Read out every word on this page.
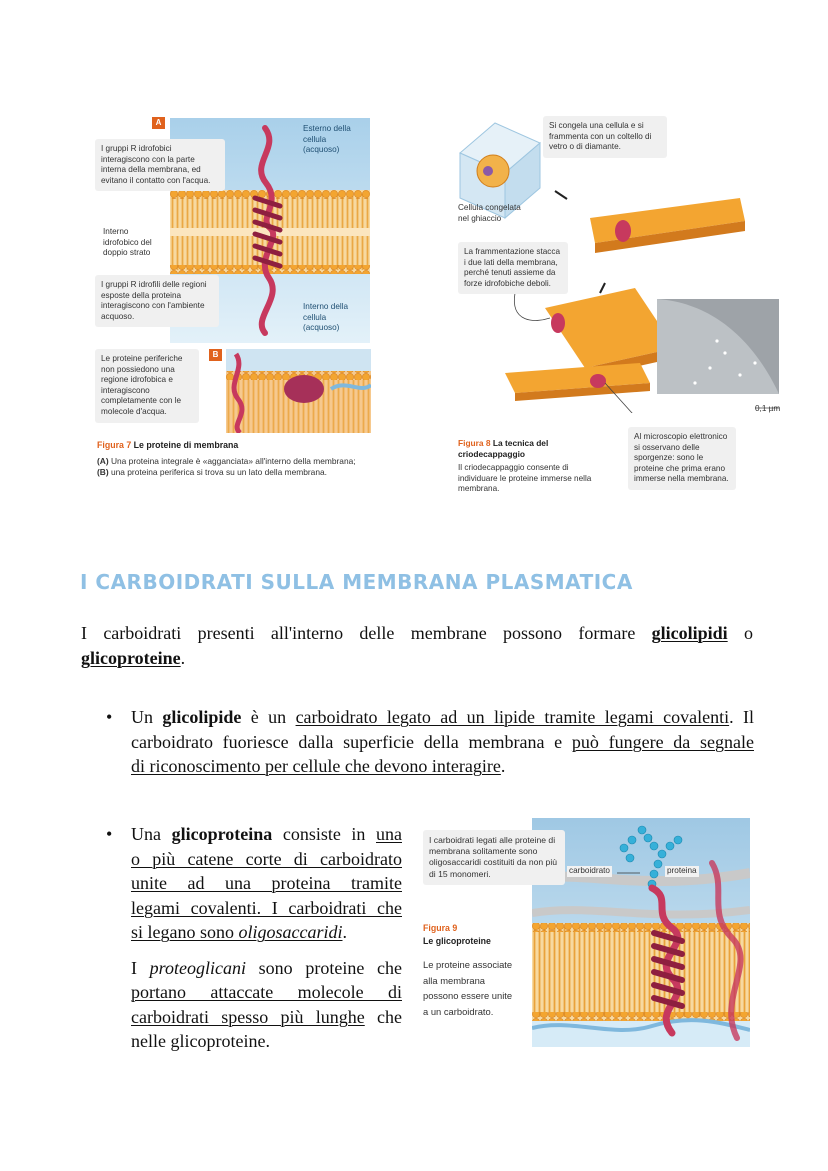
A
Esterno della cellula (acquoso)
I gruppi R idrofobici interagiscono con la parte interna della membrana, ed evitano il contatto con l'acqua.
Interno idrofobico del doppio strato
I gruppi R idrofili delle regioni esposte della proteina interagiscono con l'ambiente acquoso.
Interno della cellula (acquoso)
B
Le proteine periferiche non possiedono una regione idrofobica e interagiscono completamente con le molecole d'acqua.
Figura 7 Le proteine di membrana
(A) Una proteina integrale è «agganciata» all'interno della membrana; (B) una proteina periferica si trova su un lato della membrana.
Si congela una cellula e si frammenta con un coltello di vetro o di diamante.
Cellula congelata nel ghiaccio
La frammentazione stacca i due lati della membrana, perché tenuti assieme da forze idrofobiche deboli.
0,1 µm
Figura 8 La tecnica del criodecappaggio
Il criodecappaggio consente di individuare le proteine immerse nella membrana.
Al microscopio elettronico si osservano delle sporgenze: sono le proteine che prima erano immerse nella membrana.
I CARBOIDRATI SULLA MEMBRANA PLASMATICA
I carboidrati presenti all'interno delle membrane possono formare glicolipidi o
glicoproteine.
• Un glicolipide è un carboidrato legato ad un lipide tramite legami covalenti. Il
carboidrato fuoriesce dalla superficie della membrana e può fungere da segnale
di riconoscimento per cellule che devono interagire.
• Una glicoproteina consiste in una
o più catene corte di carboidrato
unite ad una proteina tramite
legami covalenti. I carboidrati che
si legano sono oligosaccaridi.
I proteoglicani sono proteine che
portano attaccate molecole di
carboidrati spesso più lunghe che
nelle glicoproteine.
carboidrato	proteina
I carboidrati legati alle proteine di membrana solitamente sono oligosaccaridi costituiti da non più di 15 monomeri.
Figura 9
Le glicoproteine
Le proteine associate alla membrana possono essere unite a un carboidrato.
